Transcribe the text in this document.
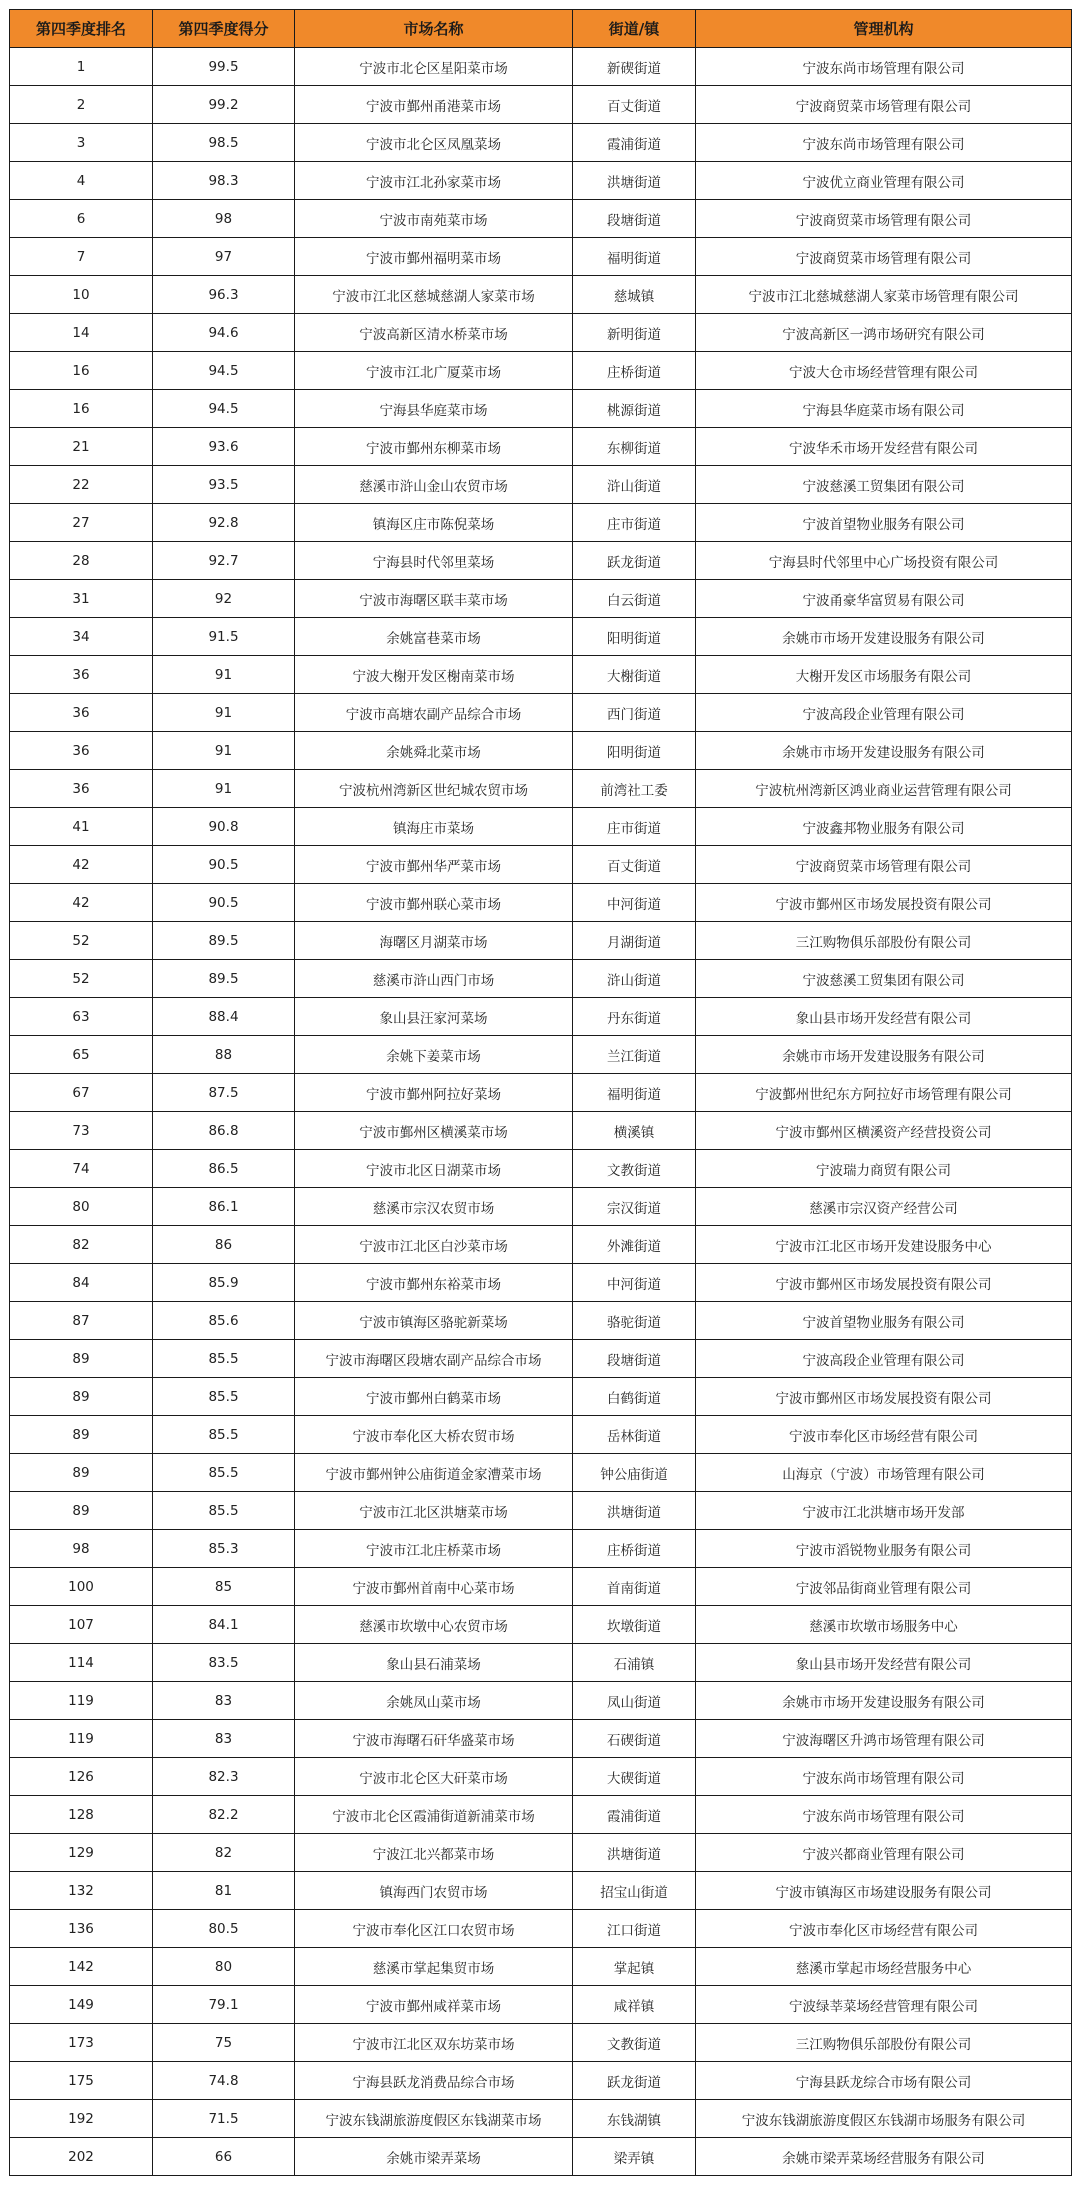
第四季度排名	第四季度得分	市场名称	街道/镇	管理机构
1	99.5	宁波市北仑区星阳菜市场	新碶街道	宁波东尚市场管理有限公司
2	99.2	宁波市鄞州甬港菜市场	百丈街道	宁波商贸菜市场管理有限公司
3	98.5	宁波市北仑区凤凰菜场	霞浦街道	宁波东尚市场管理有限公司
4	98.3	宁波市江北孙家菜市场	洪塘街道	宁波优立商业管理有限公司
6	98	宁波市南苑菜市场	段塘街道	宁波商贸菜市场管理有限公司
7	97	宁波市鄞州福明菜市场	福明街道	宁波商贸菜市场管理有限公司
10	96.3	宁波市江北区慈城慈湖人家菜市场	慈城镇	宁波市江北慈城慈湖人家菜市场管理有限公司
14	94.6	宁波高新区清水桥菜市场	新明街道	宁波高新区一鸿市场研究有限公司
16	94.5	宁波市江北广厦菜市场	庄桥街道	宁波大仓市场经营管理有限公司
16	94.5	宁海县华庭菜市场	桃源街道	宁海县华庭菜市场有限公司
21	93.6	宁波市鄞州东柳菜市场	东柳街道	宁波华禾市场开发经营有限公司
22	93.5	慈溪市浒山金山农贸市场	浒山街道	宁波慈溪工贸集团有限公司
27	92.8	镇海区庄市陈倪菜场	庄市街道	宁波首望物业服务有限公司
28	92.7	宁海县时代邻里菜场	跃龙街道	宁海县时代邻里中心广场投资有限公司
31	92	宁波市海曙区联丰菜市场	白云街道	宁波甬豪华富贸易有限公司
34	91.5	余姚富巷菜市场	阳明街道	余姚市市场开发建设服务有限公司
36	91	宁波大榭开发区榭南菜市场	大榭街道	大榭开发区市场服务有限公司
36	91	宁波市高塘农副产品综合市场	西门街道	宁波高段企业管理有限公司
36	91	余姚舜北菜市场	阳明街道	余姚市市场开发建设服务有限公司
36	91	宁波杭州湾新区世纪城农贸市场	前湾社工委	宁波杭州湾新区鸿业商业运营管理有限公司
41	90.8	镇海庄市菜场	庄市街道	宁波鑫邦物业服务有限公司
42	90.5	宁波市鄞州华严菜市场	百丈街道	宁波商贸菜市场管理有限公司
42	90.5	宁波市鄞州联心菜市场	中河街道	宁波市鄞州区市场发展投资有限公司
52	89.5	海曙区月湖菜市场	月湖街道	三江购物俱乐部股份有限公司
52	89.5	慈溪市浒山西门市场	浒山街道	宁波慈溪工贸集团有限公司
63	88.4	象山县汪家河菜场	丹东街道	象山县市场开发经营有限公司
65	88	余姚下姜菜市场	兰江街道	余姚市市场开发建设服务有限公司
67	87.5	宁波市鄞州阿拉好菜场	福明街道	宁波鄞州世纪东方阿拉好市场管理有限公司
73	86.8	宁波市鄞州区横溪菜市场	横溪镇	宁波市鄞州区横溪资产经营投资公司
74	86.5	宁波市北区日湖菜市场	文教街道	宁波瑞力商贸有限公司
80	86.1	慈溪市宗汉农贸市场	宗汉街道	慈溪市宗汉资产经营公司
82	86	宁波市江北区白沙菜市场	外滩街道	宁波市江北区市场开发建设服务中心
84	85.9	宁波市鄞州东裕菜市场	中河街道	宁波市鄞州区市场发展投资有限公司
87	85.6	宁波市镇海区骆驼新菜场	骆驼街道	宁波首望物业服务有限公司
89	85.5	宁波市海曙区段塘农副产品综合市场	段塘街道	宁波高段企业管理有限公司
89	85.5	宁波市鄞州白鹤菜市场	白鹤街道	宁波市鄞州区市场发展投资有限公司
89	85.5	宁波市奉化区大桥农贸市场	岳林街道	宁波市奉化区市场经营有限公司
89	85.5	宁波市鄞州钟公庙街道金家漕菜市场	钟公庙街道	山海京（宁波）市场管理有限公司
89	85.5	宁波市江北区洪塘菜市场	洪塘街道	宁波市江北洪塘市场开发部
98	85.3	宁波市江北庄桥菜市场	庄桥街道	宁波市滔锐物业服务有限公司
100	85	宁波市鄞州首南中心菜市场	首南街道	宁波邻品街商业管理有限公司
107	84.1	慈溪市坎墩中心农贸市场	坎墩街道	慈溪市坎墩市场服务中心
114	83.5	象山县石浦菜场	石浦镇	象山县市场开发经营有限公司
119	83	余姚凤山菜市场	凤山街道	余姚市市场开发建设服务有限公司
119	83	宁波市海曙石矸华盛菜市场	石碶街道	宁波海曙区升鸿市场管理有限公司
126	82.3	宁波市北仑区大矸菜市场	大碶街道	宁波东尚市场管理有限公司
128	82.2	宁波市北仑区霞浦街道新浦菜市场	霞浦街道	宁波东尚市场管理有限公司
129	82	宁波江北兴都菜市场	洪塘街道	宁波兴都商业管理有限公司
132	81	镇海西门农贸市场	招宝山街道	宁波市镇海区市场建设服务有限公司
136	80.5	宁波市奉化区江口农贸市场	江口街道	宁波市奉化区市场经营有限公司
142	80	慈溪市掌起集贸市场	掌起镇	慈溪市掌起市场经营服务中心
149	79.1	宁波市鄞州咸祥菜市场	咸祥镇	宁波绿莘菜场经营管理有限公司
173	75	宁波市江北区双东坊菜市场	文教街道	三江购物俱乐部股份有限公司
175	74.8	宁海县跃龙消费品综合市场	跃龙街道	宁海县跃龙综合市场有限公司
192	71.5	宁波东钱湖旅游度假区东钱湖菜市场	东钱湖镇	宁波东钱湖旅游度假区东钱湖市场服务有限公司
202	66	余姚市梁弄菜场	梁弄镇	余姚市梁弄菜场经营服务有限公司
